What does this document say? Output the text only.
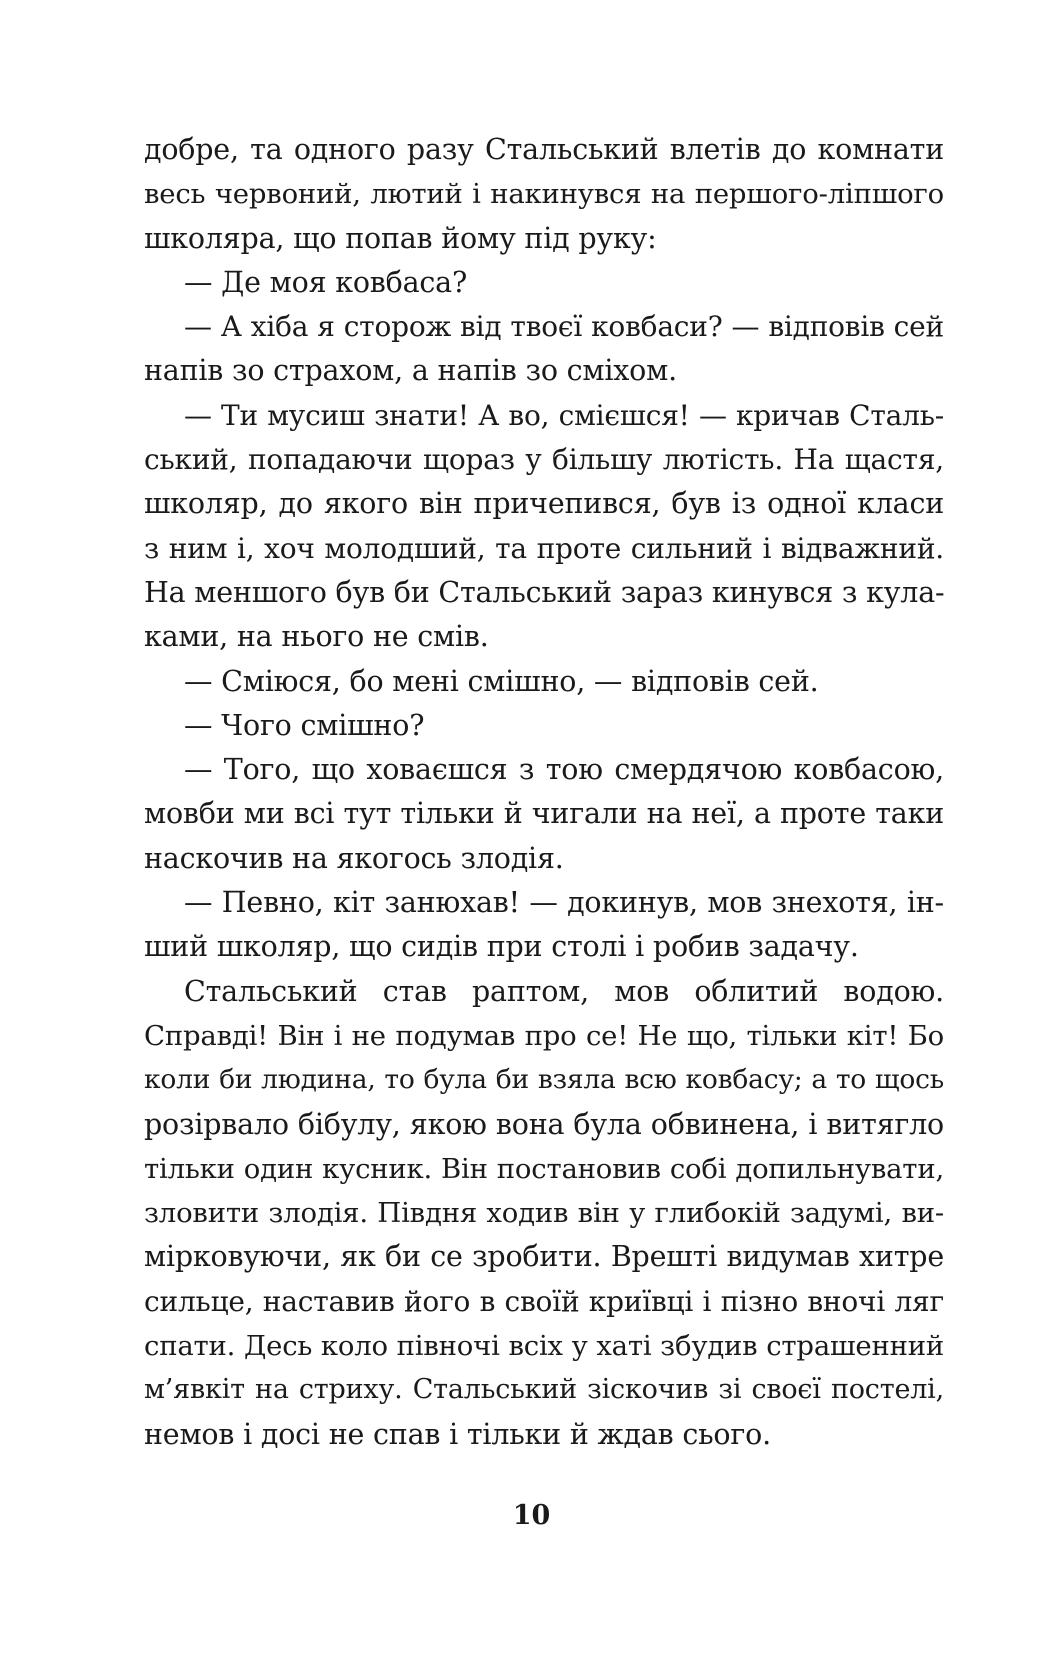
добре, та одного разу Стальський влетів до комнати
весь червоний, лютий і накинувся на першого-ліпшого
школяра, що попав йому під руку:
— Де моя ковбаса?
— А хіба я сторож від твоєї ковбаси? — відповів сей
напів зо страхом, а напів зо сміхом.
— Ти мусиш знати! А во, смієшся! — кричав Сталь-
ський, попадаючи щораз у більшу лютість. На щастя,
школяр, до якого він причепився, був із одної класи
з ним і, хоч молодший, та проте сильний і відважний.
На меншого був би Стальський зараз кинувся з кула-
ками, на нього не смів.
— Сміюся, бо мені смішно, — відповів сей.
— Чого смішно?
— Того, що ховаєшся з тою смердячою ковбасою,
мовби ми всі тут тільки й чигали на неї, а проте таки
наскочив на якогось злодія.
— Певно, кіт занюхав! — докинув, мов знехотя, ін-
ший школяр, що сидів при столі і робив задачу.
Стальський став раптом, мов облитий водою.
Справді! Він і не подумав про се! Не що, тільки кіт! Бо
коли би людина, то була би взяла всю ковбасу; а то щось
розірвало бібулу, якою вона була обвинена, і витягло
тільки один кусник. Він постановив собі допильнувати,
зловити злодія. Півдня ходив він у глибокій задумі, ви-
мірковуючи, як би се зробити. Врешті видумав хитре
сильце, наставив його в своїй криївці і пізно вночі ляг
спати. Десь коло півночі всіх у хаті збудив страшенний
м’явкіт на стриху. Стальський зіскочив зі своєї постелі,
немов і досі не спав і тільки й ждав сього.
10
